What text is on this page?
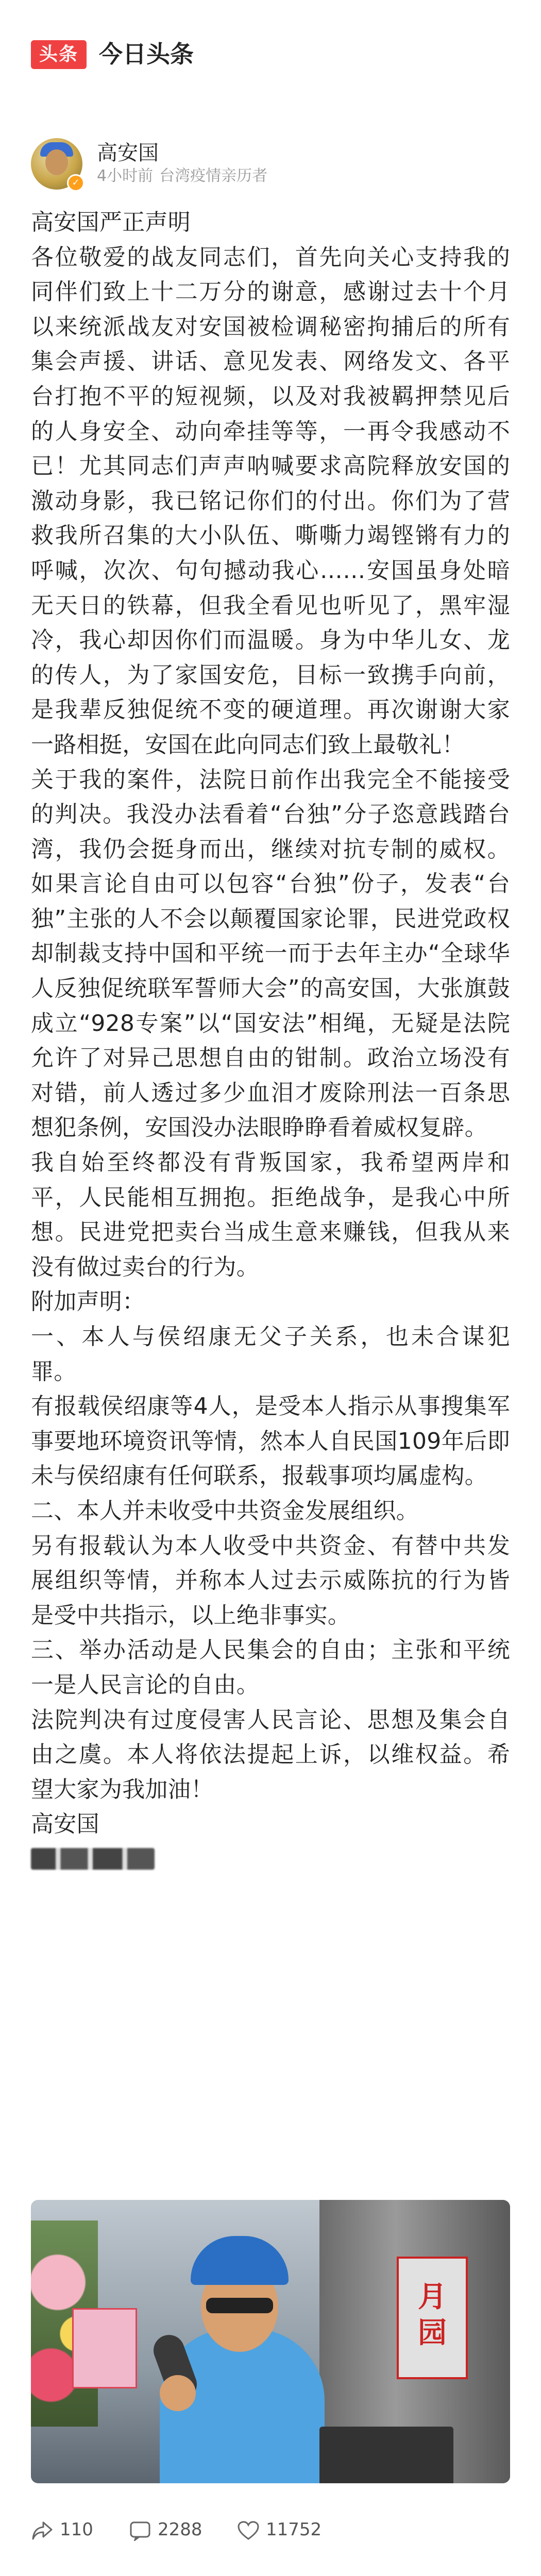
头条 今日头条
✓
高安国
4小时前 台湾疫情亲历者

高安国严正声明

各位敬爱的战友同志们，首先向关心支持我的同伴们致上十二万分的谢意，感谢过去十个月以来统派战友对安国被检调秘密拘捕后的所有集会声援、讲话、意见发表、网络发文、各平台打抱不平的短视频，以及对我被羁押禁见后的人身安全、动向牵挂等等，一再令我感动不已！尤其同志们声声呐喊要求高院释放安国的激动身影，我已铭记你们的付出。你们为了营救我所召集的大小队伍、嘶嘶力竭铿锵有力的呼喊，次次、句句撼动我心……安国虽身处暗无天日的铁幕，但我全看见也听见了，黑牢湿冷，我心却因你们而温暖。身为中华儿女、龙的传人，为了家国安危，目标一致携手向前，是我辈反独促统不变的硬道理。再次谢谢大家一路相挺，安国在此向同志们致上最敬礼！

关于我的案件，法院日前作出我完全不能接受的判决。我没办法看着“台独”分子恣意践踏台湾，我仍会挺身而出，继续对抗专制的威权。如果言论自由可以包容“台独”份子，发表“台独”主张的人不会以颠覆国家论罪，民进党政权却制裁支持中国和平统一而于去年主办“全球华人反独促统联军誓师大会”的高安国，大张旗鼓成立“928专案”以“国安法”相绳，无疑是法院允许了对异己思想自由的钳制。政治立场没有对错，前人透过多少血泪才废除刑法一百条思想犯条例，安国没办法眼睁睁看着威权复辟。

我自始至终都没有背叛国家，我希望两岸和平，人民能相互拥抱。拒绝战争，是我心中所想。民进党把卖台当成生意来赚钱，但我从来没有做过卖台的行为。

附加声明：

一、本人与侯绍康无父子关系，也未合谋犯罪。

有报载侯绍康等4人，是受本人指示从事搜集军事要地环境资讯等情，然本人自民国109年后即未与侯绍康有任何联系，报载事项均属虚构。

二、本人并未收受中共资金发展组织。

另有报载认为本人收受中共资金、有替中共发展组织等情，并称本人过去示威陈抗的行为皆是受中共指示，以上绝非事实。

三、举办活动是人民集会的自由；主张和平统一是人民言论的自由。

法院判决有过度侵害人民言论、思想及集会自由之虞。本人将依法提起上诉，以维权益。希望大家为我加油！

高安国

月
园
110	2288	11752
